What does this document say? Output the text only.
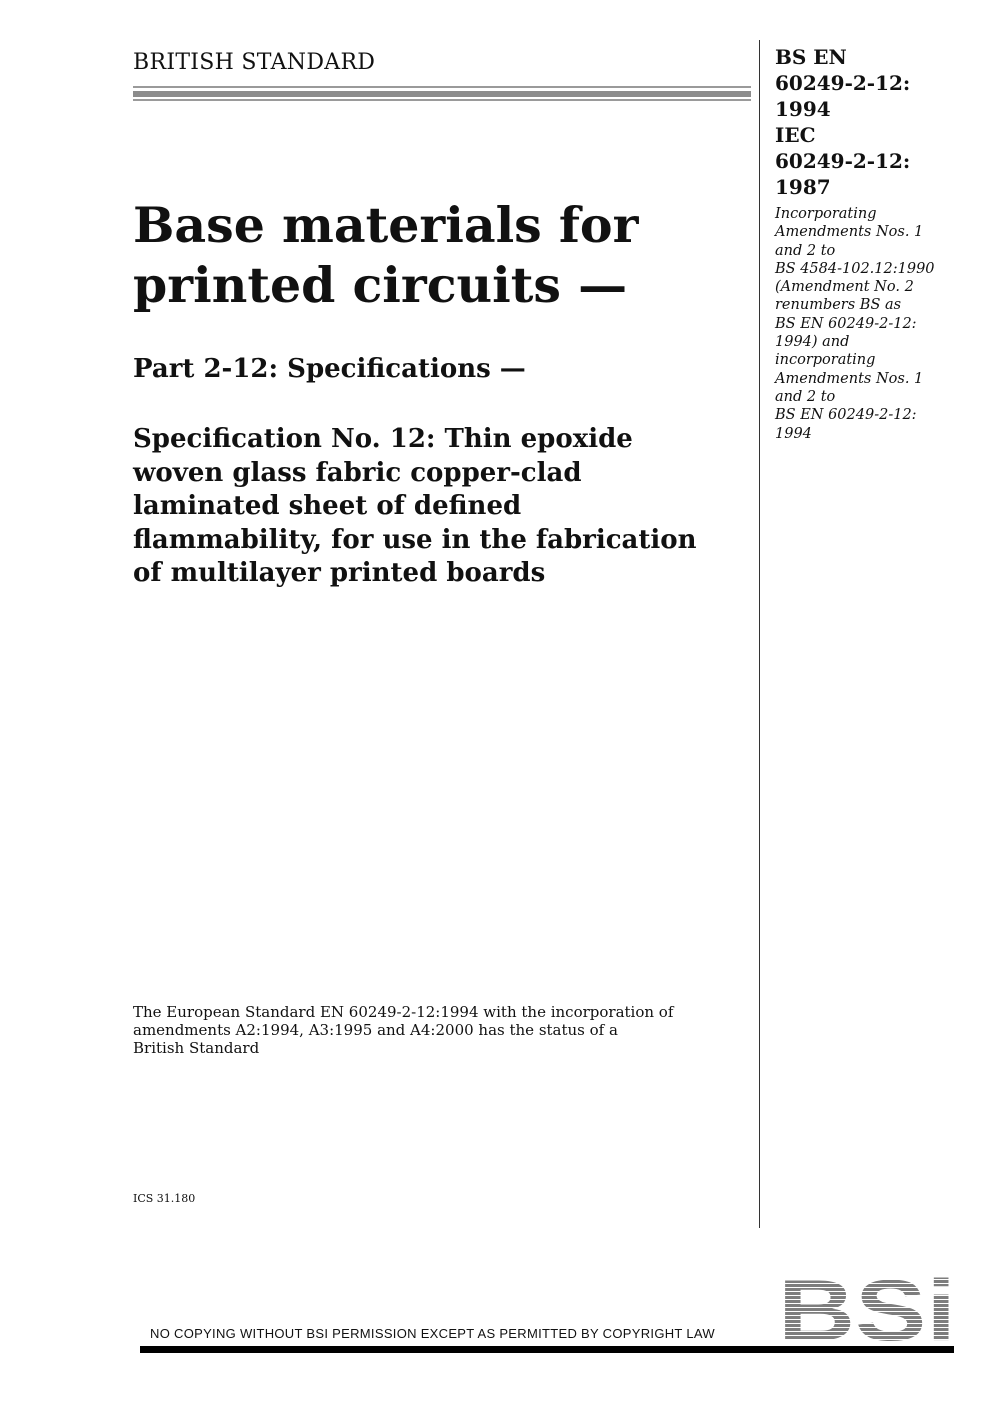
BRITISH STANDARD	BS EN
60249-2-12:
1994
IEC
60249-2-12:
1987
Incorporating
Amendments Nos. 1
and 2 to
BS 4584-102.12:1990
(Amendment No. 2
renumbers BS as
BS EN 60249-2-12:
1994) and
incorporating
Amendments Nos. 1
and 2 to
BS EN 60249-2-12:
1994
Base materials for
printed circuits —
Part 2-12: Specifications —
Specification No. 12: Thin epoxide
woven glass fabric copper-clad
laminated sheet of defined
flammability, for use in the fabrication
of multilayer printed boards
The European Standard EN 60249-2-12:1994 with the incorporation of
amendments A2:1994, A3:1995 and A4:2000 has the status of a
British Standard
ICS 31.180
NO COPYING WITHOUT BSI PERMISSION EXCEPT AS PERMITTED BY COPYRIGHT LAW BSi
